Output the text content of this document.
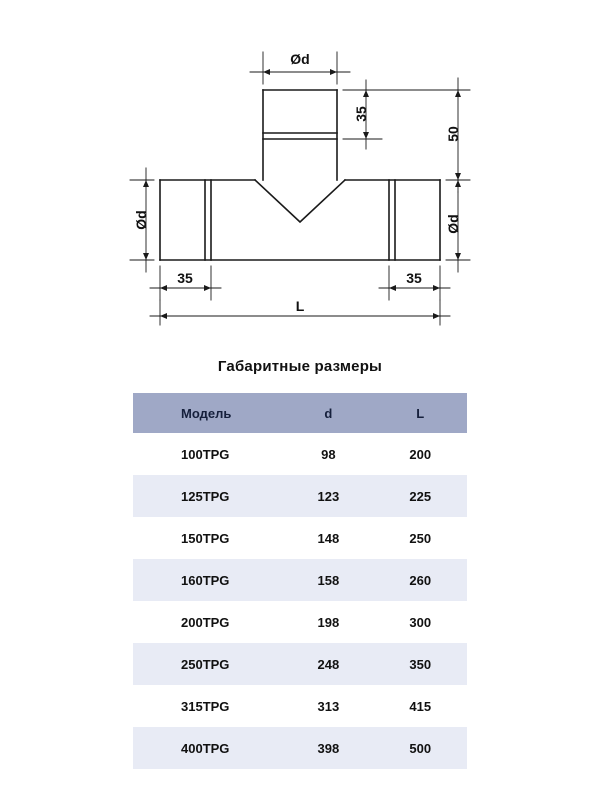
Ød
35
50
Ød	Ød
35	35
L
Габаритные размеры
Модель	d	L
100TPG	98	200
125TPG	123	225
150TPG	148	250
160TPG	158	260
200TPG	198	300
250TPG	248	350
315TPG	313	415
400TPG	398	500
